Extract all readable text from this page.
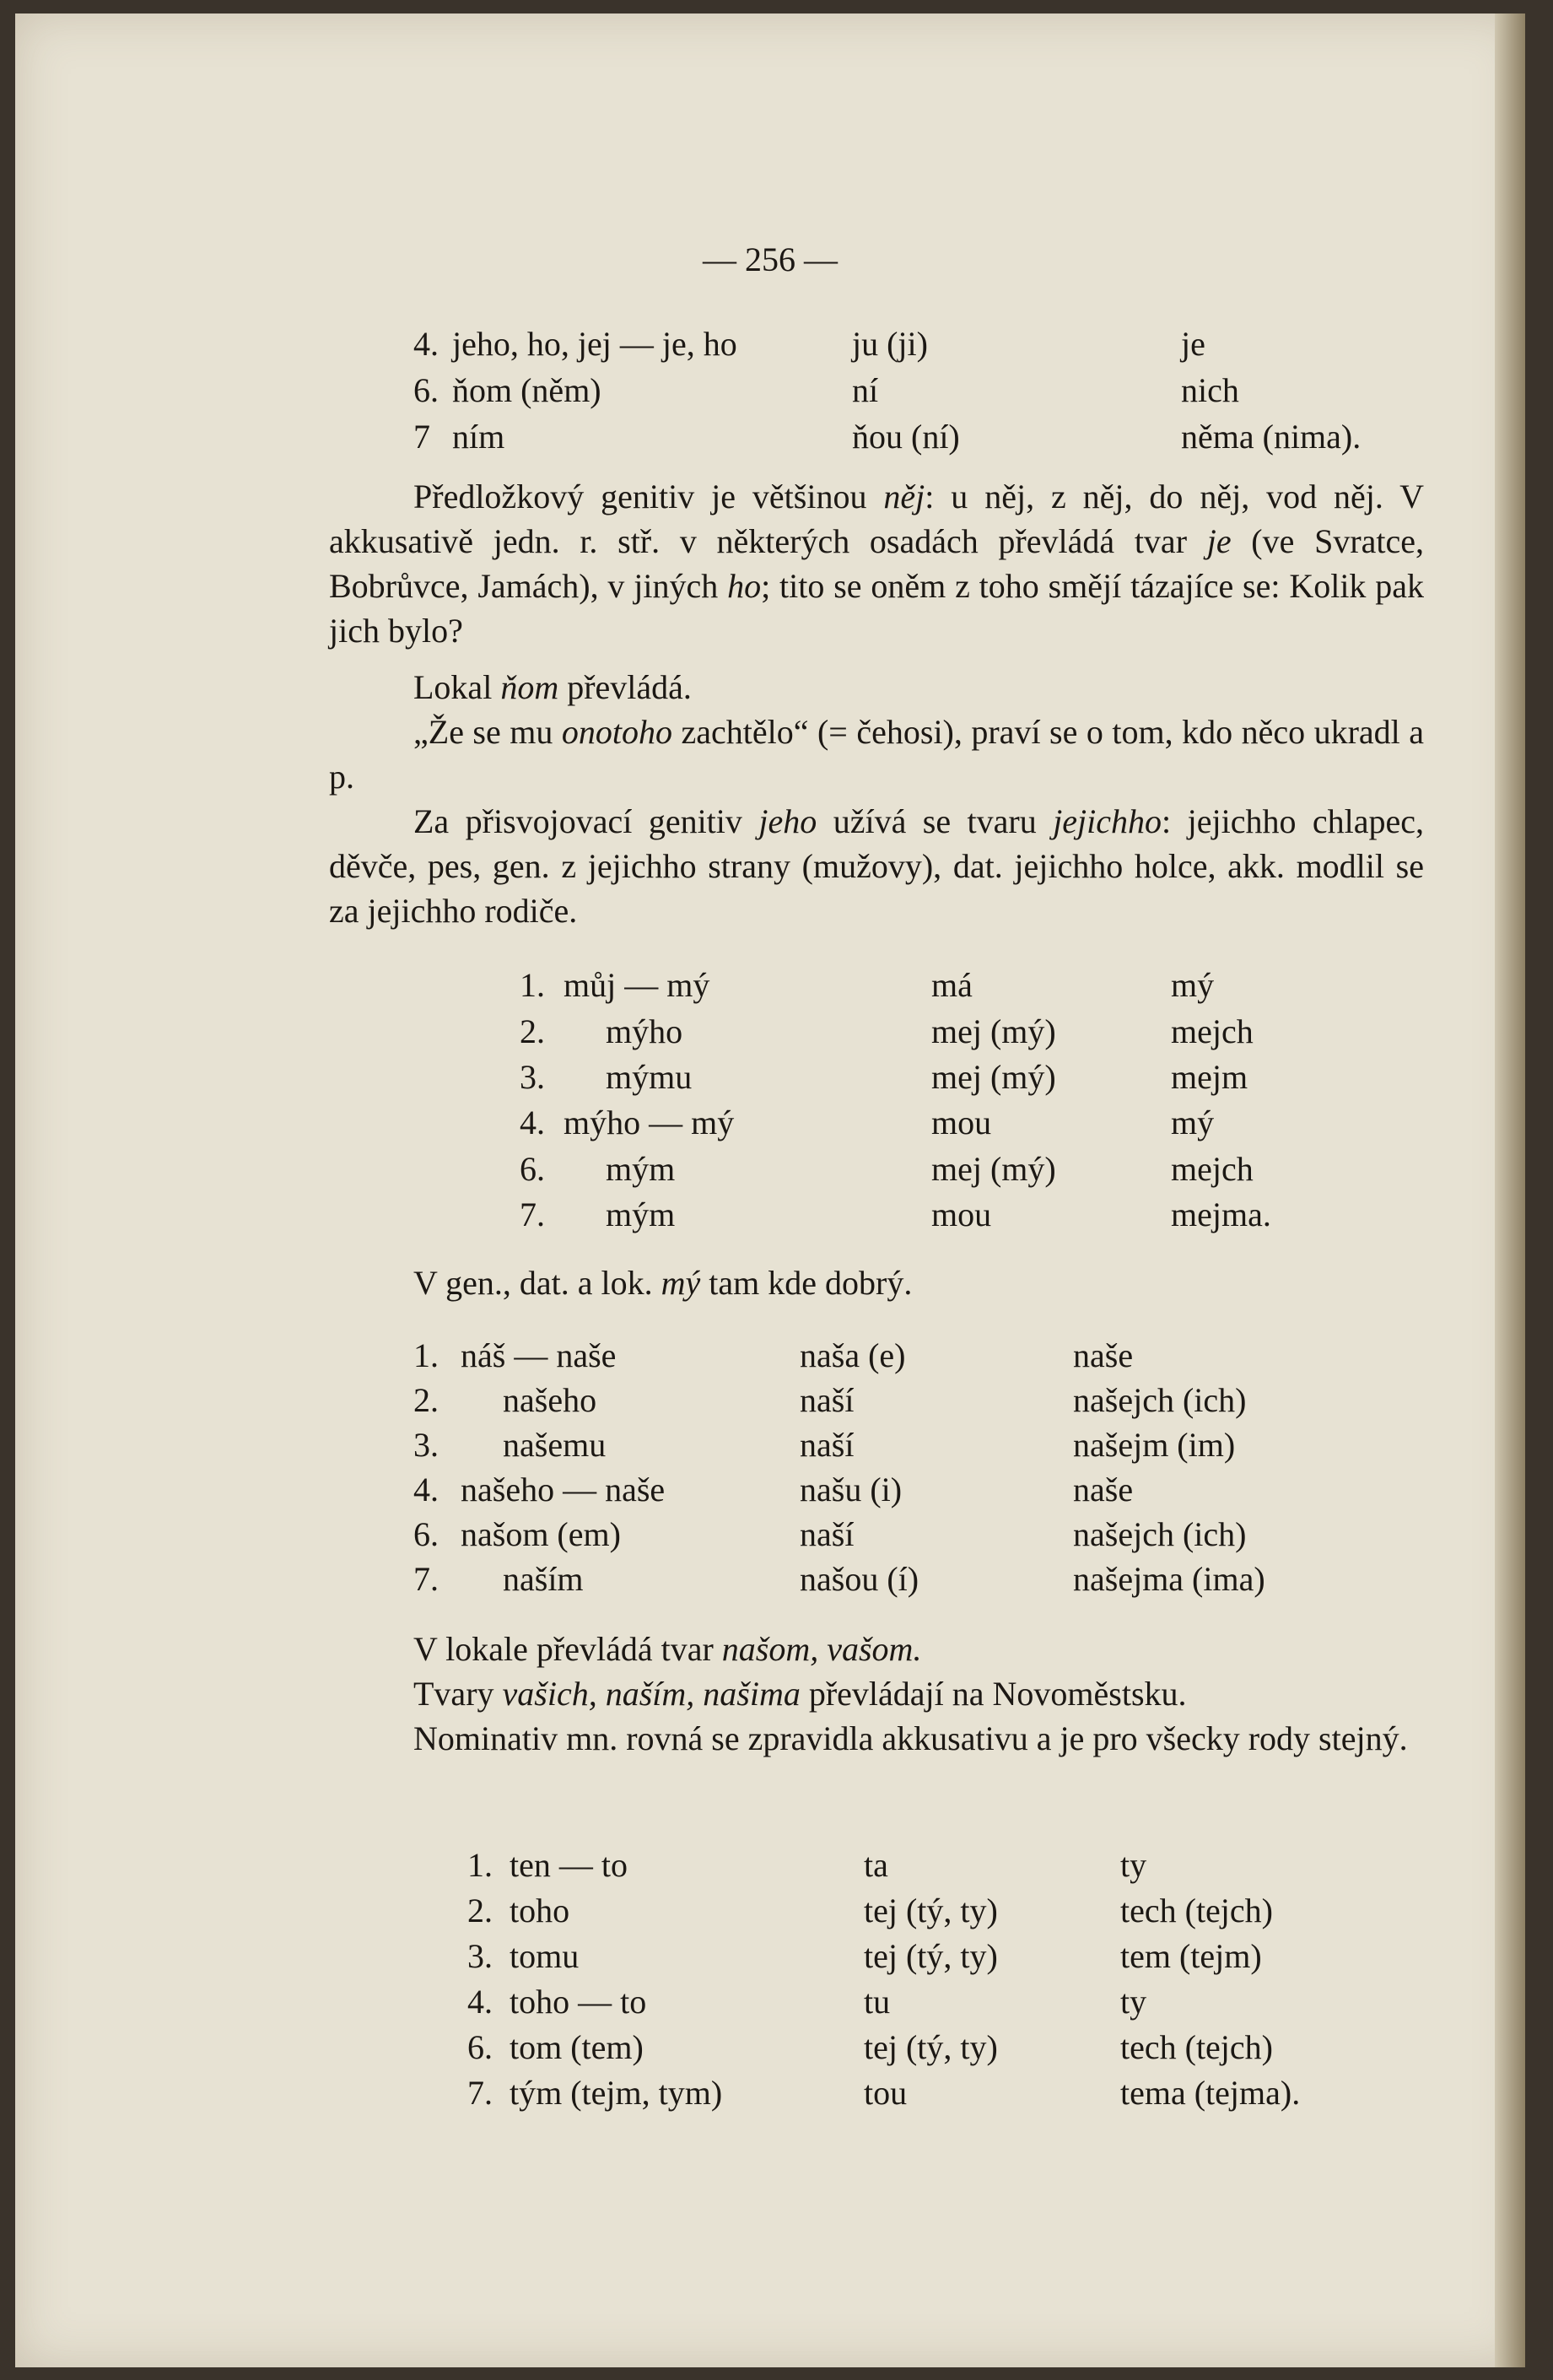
— 256 —
4. jeho, ho, jej — je, ho	ju (ji)	je
6. ňom (něm)	ní	nich
7 ním	ňou (ní)	něma (nima).
Předložkový genitiv je většinou něj: u něj, z něj, do něj, vod něj. V akkusativě jedn. r. stř. v některých osadách převládá tvar je (ve Svratce, Bobrůvce, Jamách), v jiných ho; tito se oněm z toho smějí tázajíce se: Kolik pak jich bylo?
Lokal ňom převládá.
„Že se mu onotoho zachtělo“ (= čehosi), praví se o tom, kdo něco ukradl a p.
Za přisvojovací genitiv jeho užívá se tvaru jejichho: jejichho chlapec, děvče, pes, gen. z jejichho strany (mužovy), dat. jejichho holce, akk. modlil se za jejichho rodiče.
1. můj — mý	má	mý
2. mýho	mej (mý)	mejch
3. mýmu	mej (mý)	mejm
4. mýho — mý	mou	mý
6. mým	mej (mý)	mejch
7. mým	mou	mejma.
V gen., dat. a lok. mý tam kde dobrý.
1. náš — naše	naša (e)	naše
2. našeho	naší	našejch (ich)
3. našemu	naší	našejm (im)
4. našeho — naše	našu (i)	naše
6. našom (em)	naší	našejch (ich)
7. naším	našou (í)	našejma (ima)
V lokale převládá tvar našom, vašom.
Tvary vašich, naším, našima převládají na Novoměstsku.
Nominativ mn. rovná se zpravidla akkusativu a je pro všecky rody stejný.
1. ten — to	ta	ty
2. toho	tej (tý, ty)	tech (tejch)
3. tomu	tej (tý, ty)	tem (tejm)
4. toho — to	tu	ty
6. tom (tem)	tej (tý, ty)	tech (tejch)
7. tým (tejm, tym)	tou	tema (tejma).
